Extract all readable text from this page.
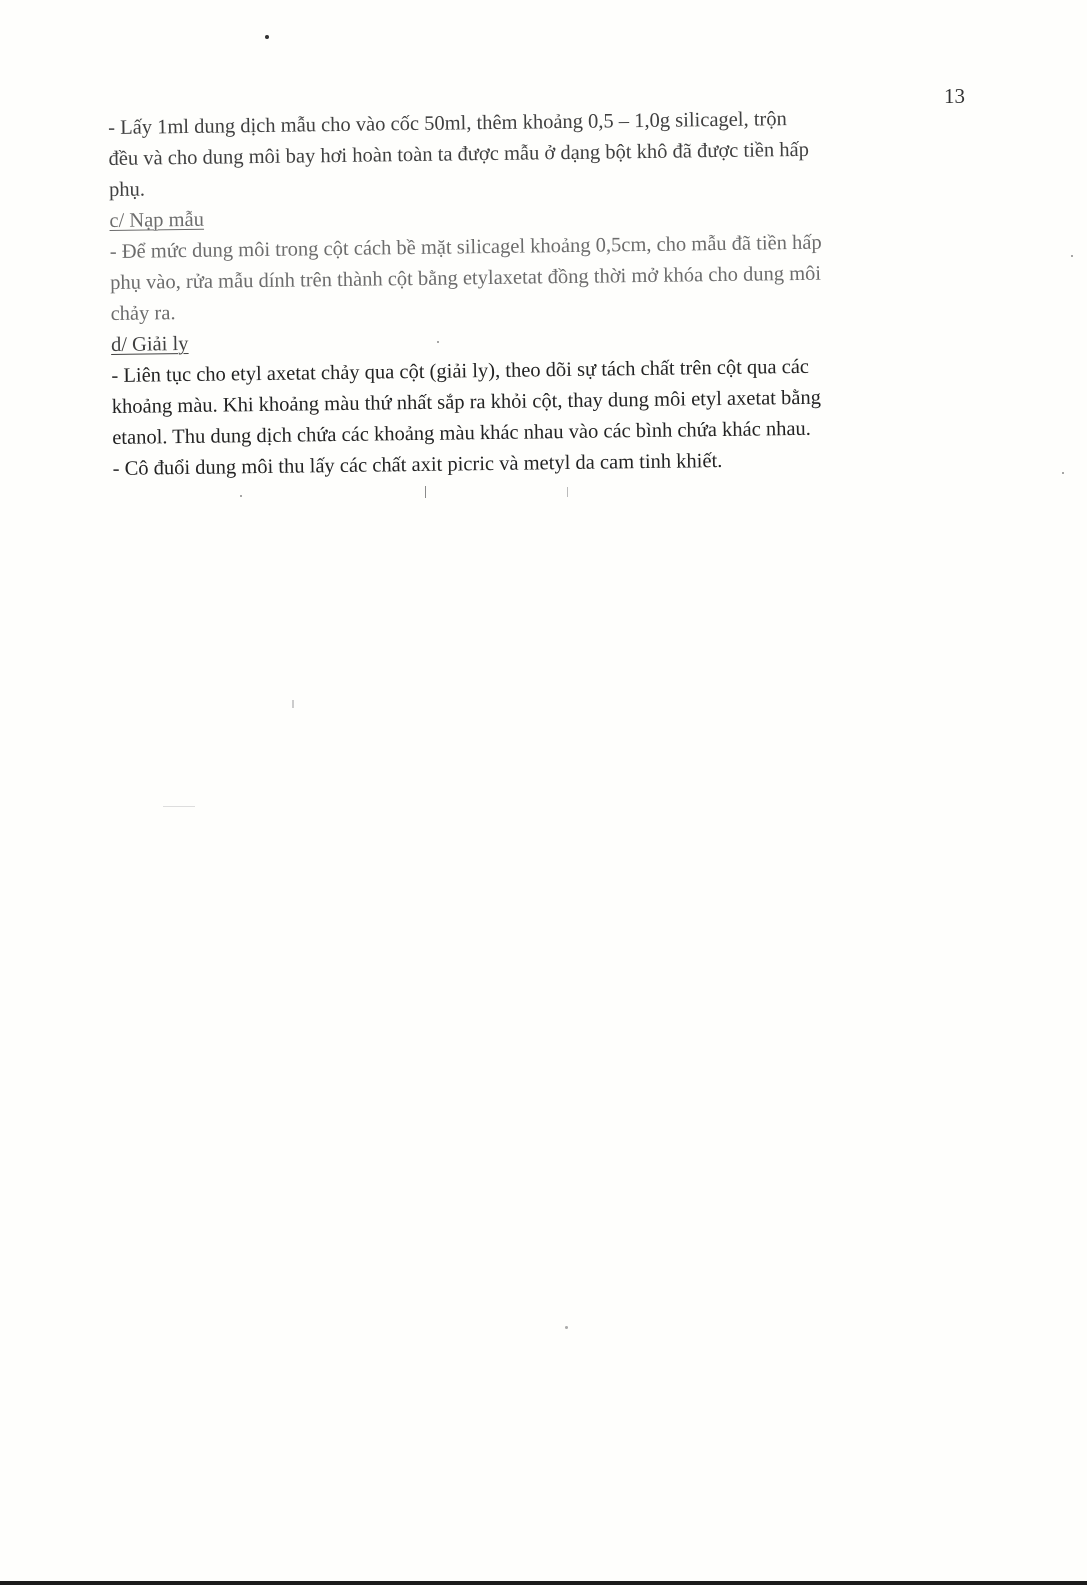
13
- Lấy 1ml dung dịch mẫu cho vào cốc 50ml, thêm khoảng 0,5 – 1,0g silicagel, trộn
đều và cho dung môi bay hơi hoàn toàn ta được mẫu ở dạng bột khô đã được tiền hấp
phụ.
c/ Nạp mẫu
- Để mức dung môi trong cột cách bề mặt silicagel khoảng 0,5cm, cho mẫu đã tiền hấp
phụ vào, rửa mẫu dính trên thành cột bằng etylaxetat đồng thời mở khóa cho dung môi
chảy ra.
d/ Giải ly
- Liên tục cho etyl axetat chảy qua cột (giải ly), theo dõi sự tách chất trên cột qua các
khoảng màu. Khi khoảng màu thứ nhất sắp ra khỏi cột, thay dung môi etyl axetat bằng
etanol. Thu dung dịch chứa các khoảng màu khác nhau vào các bình chứa khác nhau.
- Cô đuổi dung môi thu lấy các chất axit picric và metyl da cam tinh khiết.
